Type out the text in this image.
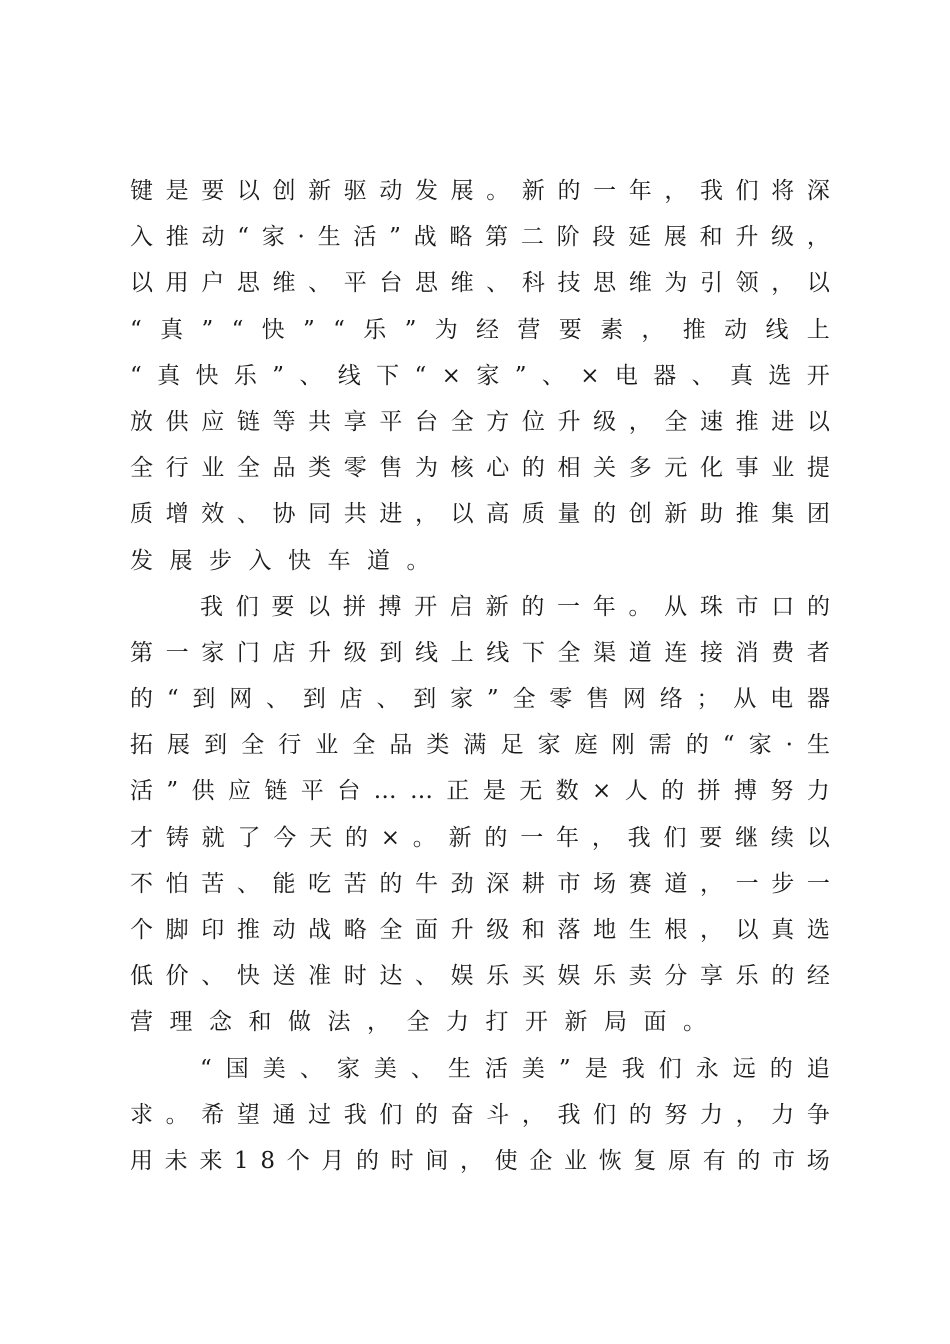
键 是 要 以 创 新 驱 动 发 展 。 新 的 一 年 ， 我 们 将 深
入 推 动 “ 家 · 生 活 ” 战 略 第 二 阶 段 延 展 和 升 级 ，
以 用 户 思 维 、 平 台 思 维 、 科 技 思 维 为 引 领 ， 以
“ 真 ” “ 快 ” “ 乐 ” 为 经 营 要 素 ， 推 动 线 上
“ 真 快 乐 ” 、 线 下 “ × 家 ” 、 × 电 器 、 真 选 开
放 供 应 链 等 共 享 平 台 全 方 位 升 级 ， 全 速 推 进 以
全 行 业 全 品 类 零 售 为 核 心 的 相 关 多 元 化 事 业 提
质 增 效 、 协 同 共 进 ， 以 高 质 量 的 创 新 助 推 集 团
发展步入快车道。
我 们 要 以 拼 搏 开 启 新 的 一 年 。 从 珠 市 口 的
第 一 家 门 店 升 级 到 线 上 线 下 全 渠 道 连 接 消 费 者
的 “ 到 网 、 到 店 、 到 家 ” 全 零 售 网 络 ； 从 电 器
拓 展 到 全 行 业 全 品 类 满 足 家 庭 刚 需 的 “ 家 · 生
活 ” 供 应 链 平 台 … … 正 是 无 数 × 人 的 拼 搏 努 力
才 铸 就 了 今 天 的 × 。 新 的 一 年 ， 我 们 要 继 续 以
不 怕 苦 、 能 吃 苦 的 牛 劲 深 耕 市 场 赛 道 ， 一 步 一
个 脚 印 推 动 战 略 全 面 升 级 和 落 地 生 根 ， 以 真 选
低 价 、 快 送 准 时 达 、 娱 乐 买 娱 乐 卖 分 享 乐 的 经
营理念和做法，全力打开新局面。
“ 国 美 、 家 美 、 生 活 美 ” 是 我 们 永 远 的 追
求 。 希 望 通 过 我 们 的 奋 斗 ， 我 们 的 努 力 ， 力 争
用 未 来 1 8 个 月 的 时 间 ， 使 企 业 恢 复 原 有 的 市 场
